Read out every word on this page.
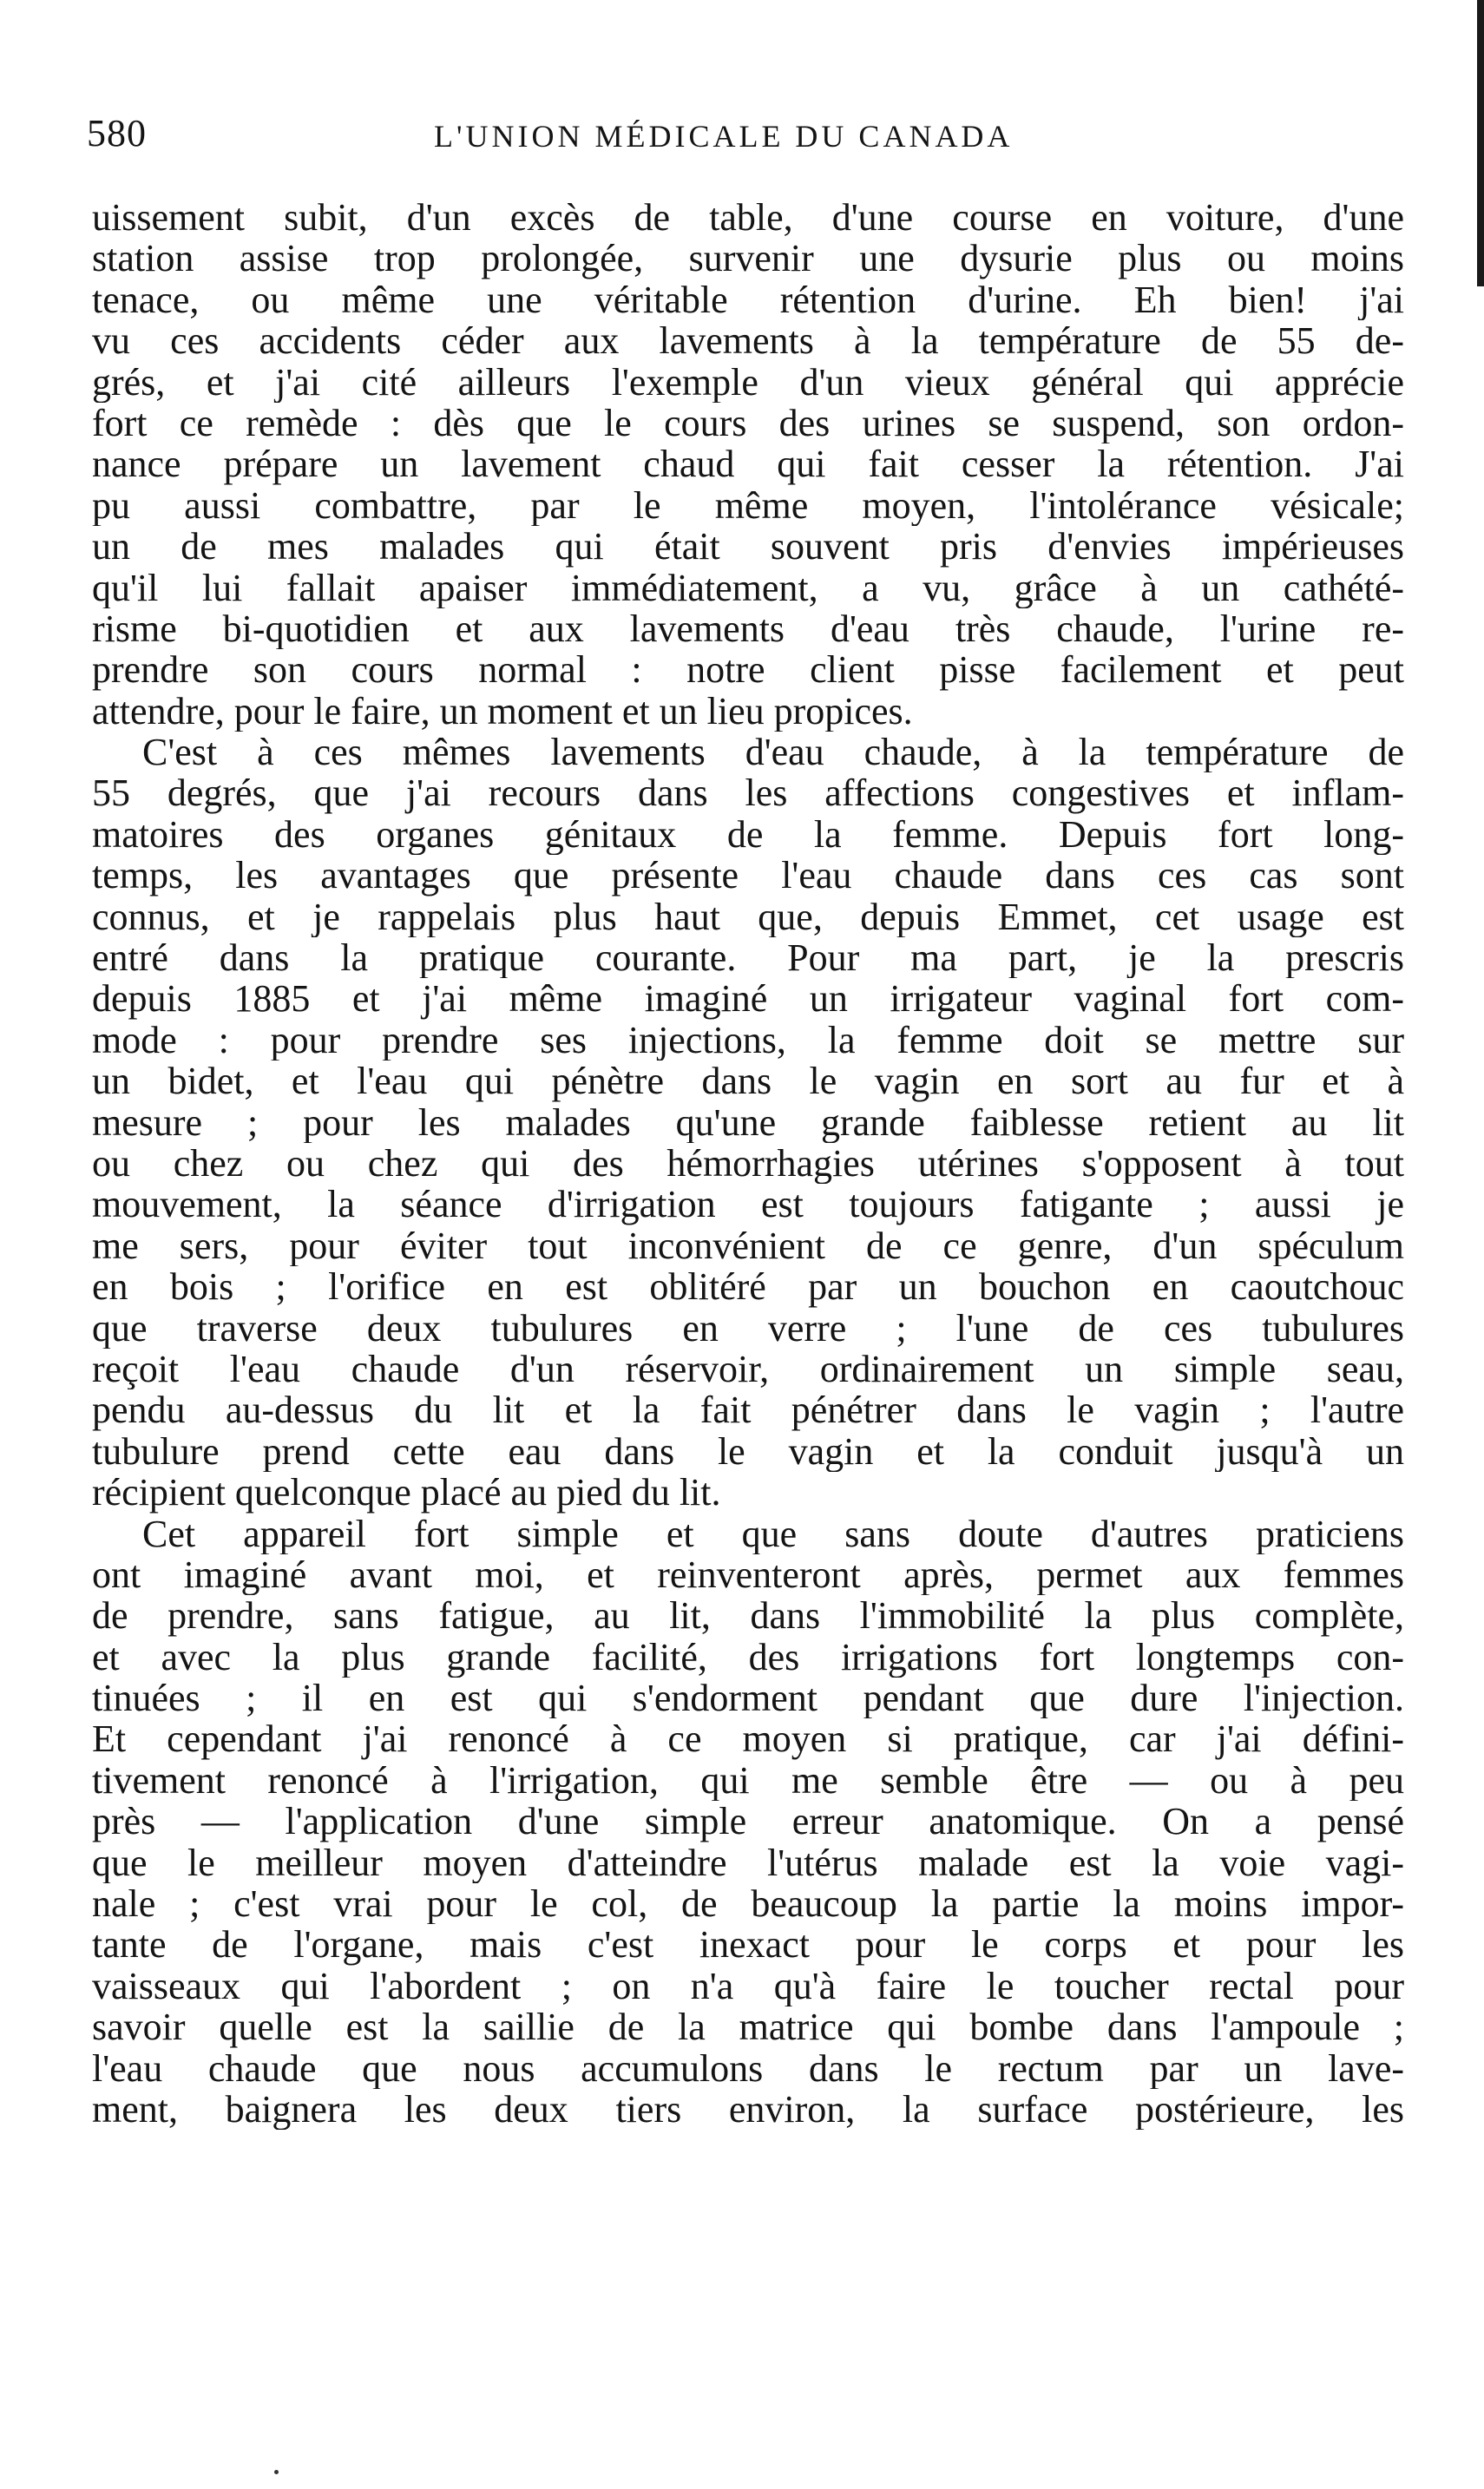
580	L'UNION MÉDICALE DU CANADA
uissement subit, d'un excès de table, d'une course en voiture, d'une
station assise trop prolongée, survenir une dysurie plus ou moins
tenace, ou même une véritable rétention d'urine. Eh bien! j'ai
vu ces accidents céder aux lavements à la température de 55 de-
grés, et j'ai cité ailleurs l'exemple d'un vieux général qui apprécie
fort ce remède : dès que le cours des urines se suspend, son ordon-
nance prépare un lavement chaud qui fait cesser la rétention. J'ai
pu aussi combattre, par le même moyen, l'intolérance vésicale;
un de mes malades qui était souvent pris d'envies impérieuses
qu'il lui fallait apaiser immédiatement, a vu, grâce à un cathété-
risme bi-quotidien et aux lavements d'eau très chaude, l'urine re-
prendre son cours normal : notre client pisse facilement et peut
attendre, pour le faire, un moment et un lieu propices.
C'est à ces mêmes lavements d'eau chaude, à la température de
55 degrés, que j'ai recours dans les affections congestives et inflam-
matoires des organes génitaux de la femme. Depuis fort long-
temps, les avantages que présente l'eau chaude dans ces cas sont
connus, et je rappelais plus haut que, depuis Emmet, cet usage est
entré dans la pratique courante. Pour ma part, je la prescris
depuis 1885 et j'ai même imaginé un irrigateur vaginal fort com-
mode : pour prendre ses injections, la femme doit se mettre sur
un bidet, et l'eau qui pénètre dans le vagin en sort au fur et à
mesure ; pour les malades qu'une grande faiblesse retient au lit
ou chez ou chez qui des hémorrhagies utérines s'opposent à tout
mouvement, la séance d'irrigation est toujours fatigante ; aussi je
me sers, pour éviter tout inconvénient de ce genre, d'un spéculum
en bois ; l'orifice en est oblitéré par un bouchon en caoutchouc
que traverse deux tubulures en verre ; l'une de ces tubulures
reçoit l'eau chaude d'un réservoir, ordinairement un simple seau,
pendu au-dessus du lit et la fait pénétrer dans le vagin ; l'autre
tubulure prend cette eau dans le vagin et la conduit jusqu'à un
récipient quelconque placé au pied du lit.
Cet appareil fort simple et que sans doute d'autres praticiens
ont imaginé avant moi, et reinventeront après, permet aux femmes
de prendre, sans fatigue, au lit, dans l'immobilité la plus complète,
et avec la plus grande facilité, des irrigations fort longtemps con-
tinuées ; il en est qui s'endorment pendant que dure l'injection.
Et cependant j'ai renoncé à ce moyen si pratique, car j'ai défini-
tivement renoncé à l'irrigation, qui me semble être — ou à peu
près — l'application d'une simple erreur anatomique. On a pensé
que le meilleur moyen d'atteindre l'utérus malade est la voie vagi-
nale ; c'est vrai pour le col, de beaucoup la partie la moins impor-
tante de l'organe, mais c'est inexact pour le corps et pour les
vaisseaux qui l'abordent ; on n'a qu'à faire le toucher rectal pour
savoir quelle est la saillie de la matrice qui bombe dans l'ampoule ;
l'eau chaude que nous accumulons dans le rectum par un lave-
ment, baignera les deux tiers environ, la surface postérieure, les
